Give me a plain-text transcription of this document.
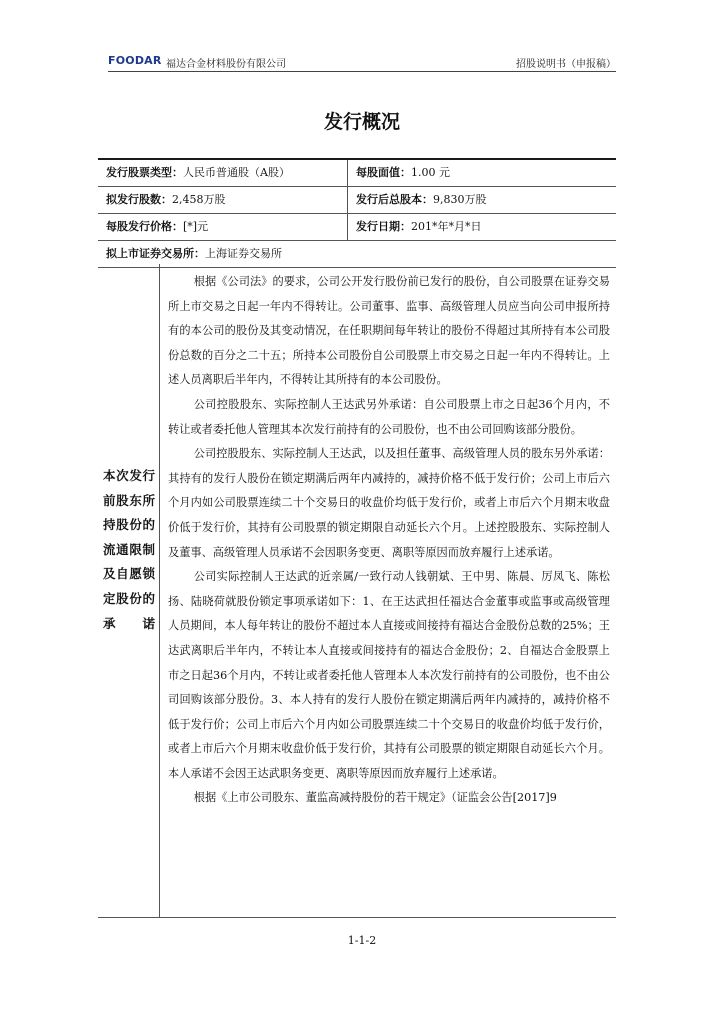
FOODAR 福达合金材料股份有限公司	招股说明书（申报稿）
发行概况
发行股票类型：人民币普通股（A股）	每股面值：1.00 元
拟发行股数：2,458万股	发行后总股本：9,830万股
每股发行价格：[*]元	发行日期：201*年*月*日
拟上市证券交易所：上海证券交易所
本次发行前股东所持股份的流通限制及自愿锁定股份的承诺

根据《公司法》的要求，公司公开发行股份前已发行的股份，自公司股票在证券交易所上市交易之日起一年内不得转让。公司董事、监事、高级管理人员应当向公司申报所持有的本公司的股份及其变动情况，在任职期间每年转让的股份不得超过其所持有本公司股份总数的百分之二十五；所持本公司股份自公司股票上市交易之日起一年内不得转让。上述人员离职后半年内，不得转让其所持有的本公司股份。

公司控股股东、实际控制人王达武另外承诺：自公司股票上市之日起36个月内，不转让或者委托他人管理其本次发行前持有的公司股份，也不由公司回购该部分股份。

公司控股股东、实际控制人王达武，以及担任董事、高级管理人员的股东另外承诺：其持有的发行人股份在锁定期满后两年内减持的，减持价格不低于发行价；公司上市后六个月内如公司股票连续二十个交易日的收盘价均低于发行价，或者上市后六个月期末收盘价低于发行价，其持有公司股票的锁定期限自动延长六个月。上述控股股东、实际控制人及董事、高级管理人员承诺不会因职务变更、离职等原因而放弃履行上述承诺。

公司实际控制人王达武的近亲属/一致行动人钱朝斌、王中男、陈晨、厉凤飞、陈松扬、陆晓荷就股份锁定事项承诺如下：1、在王达武担任福达合金董事或监事或高级管理人员期间，本人每年转让的股份不超过本人直接或间接持有福达合金股份总数的25%；王达武离职后半年内，不转让本人直接或间接持有的福达合金股份；2、自福达合金股票上市之日起36个月内，不转让或者委托他人管理本人本次发行前持有的公司股份，也不由公司回购该部分股份。3、本人持有的发行人股份在锁定期满后两年内减持的，减持价格不低于发行价；公司上市后六个月内如公司股票连续二十个交易日的收盘价均低于发行价，或者上市后六个月期末收盘价低于发行价，其持有公司股票的锁定期限自动延长六个月。本人承诺不会因王达武职务变更、离职等原因而放弃履行上述承诺。

根据《上市公司股东、董监高减持股份的若干规定》（证监会公告[2017]9

1-1-2
